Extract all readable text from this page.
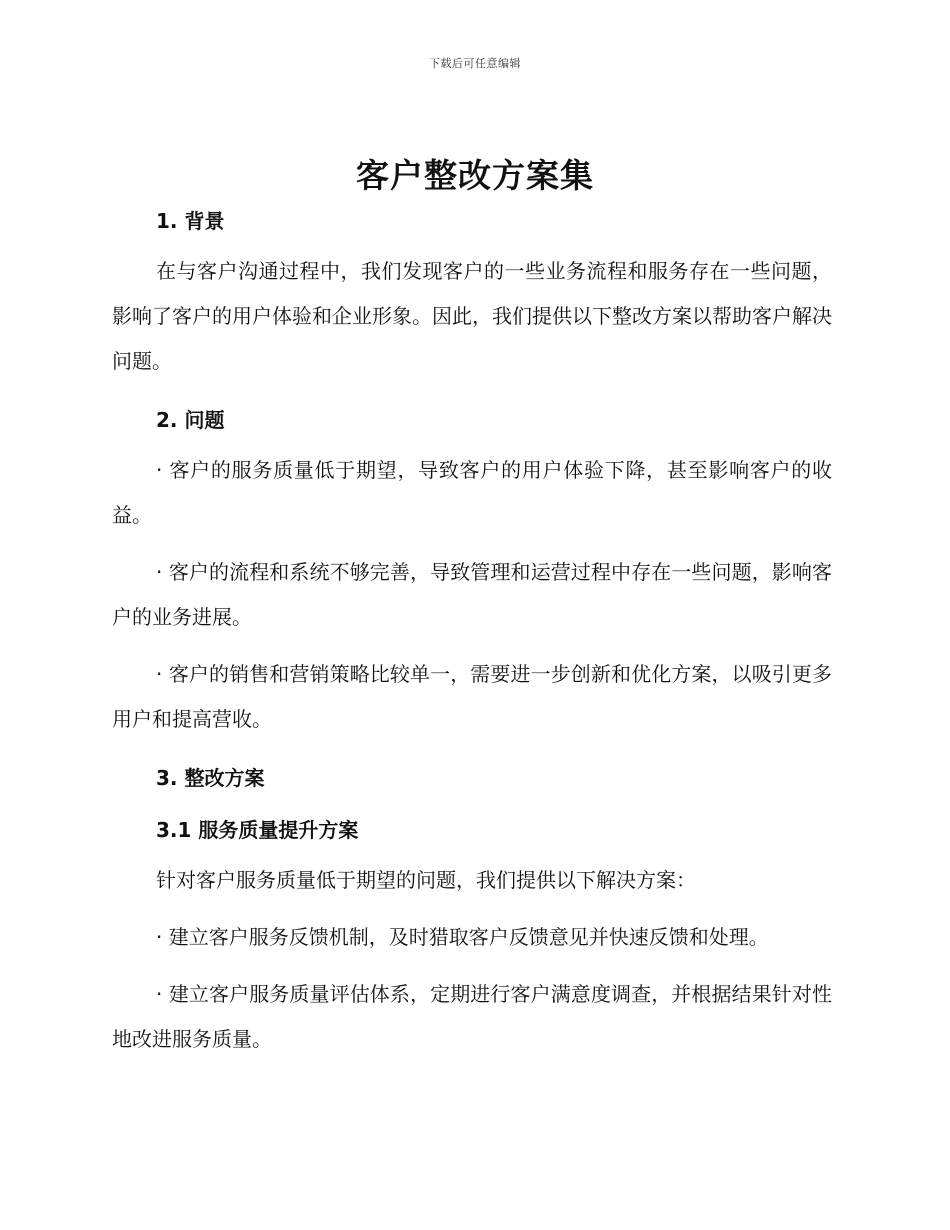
下载后可任意编辑
客户整改方案集
1. 背景

在与客户沟通过程中，我们发现客户的一些业务流程和服务存在一些问题，影响了客户的用户体验和企业形象。因此，我们提供以下整改方案以帮助客户解决问题。

2. 问题

· 客户的服务质量低于期望，导致客户的用户体验下降，甚至影响客户的收益。

· 客户的流程和系统不够完善，导致管理和运营过程中存在一些问题，影响客户的业务进展。

· 客户的销售和营销策略比较单一，需要进一步创新和优化方案，以吸引更多用户和提高营收。

3. 整改方案
3.1 服务质量提升方案

针对客户服务质量低于期望的问题，我们提供以下解决方案：

· 建立客户服务反馈机制，及时猎取客户反馈意见并快速反馈和处理。

· 建立客户服务质量评估体系，定期进行客户满意度调查，并根据结果针对性地改进服务质量。
